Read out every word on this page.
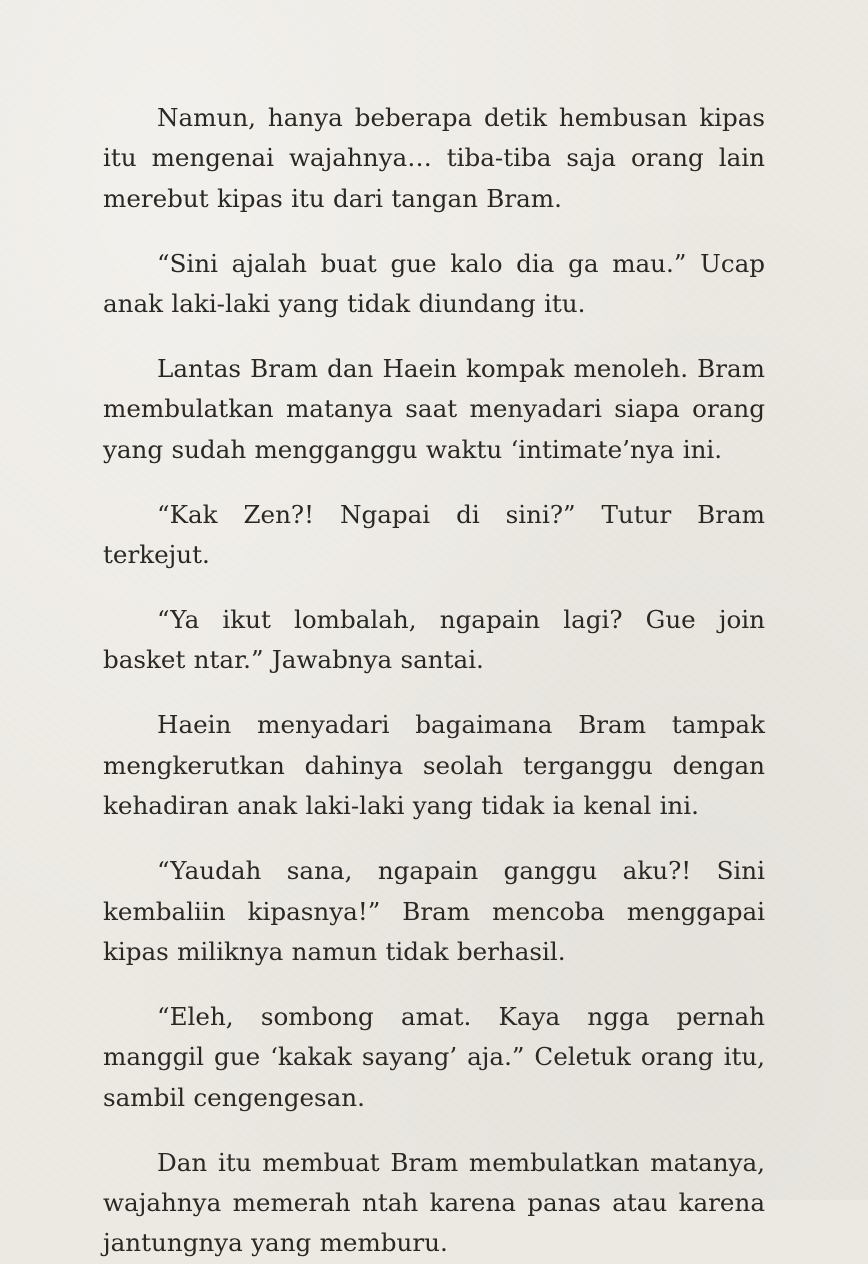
Namun, hanya beberapa detik hembusan kipas itu mengenai wajahnya… tiba-tiba saja orang lain merebut kipas itu dari tangan Bram.

“Sini ajalah buat gue kalo dia ga mau.” Ucap anak laki-laki yang tidak diundang itu.

Lantas Bram dan Haein kompak menoleh. Bram membulatkan matanya saat menyadari siapa orang yang sudah mengganggu waktu ‘intimate’nya ini.

“Kak Zen?! Ngapai di sini?” Tutur Bram terkejut.

“Ya ikut lombalah, ngapain lagi? Gue join basket ntar.” Jawabnya santai.

Haein menyadari bagaimana Bram tampak mengkerutkan dahinya seolah terganggu dengan kehadiran anak laki-laki yang tidak ia kenal ini.

“Yaudah sana, ngapain ganggu aku?! Sini kembaliin kipasnya!” Bram mencoba menggapai kipas miliknya namun tidak berhasil.

“Eleh, sombong amat. Kaya ngga pernah manggil gue ‘kakak sayang’ aja.” Celetuk orang itu, sambil cengengesan.

Dan itu membuat Bram membulatkan matanya, wajahnya memerah ntah karena panas atau karena jantungnya yang memburu.
